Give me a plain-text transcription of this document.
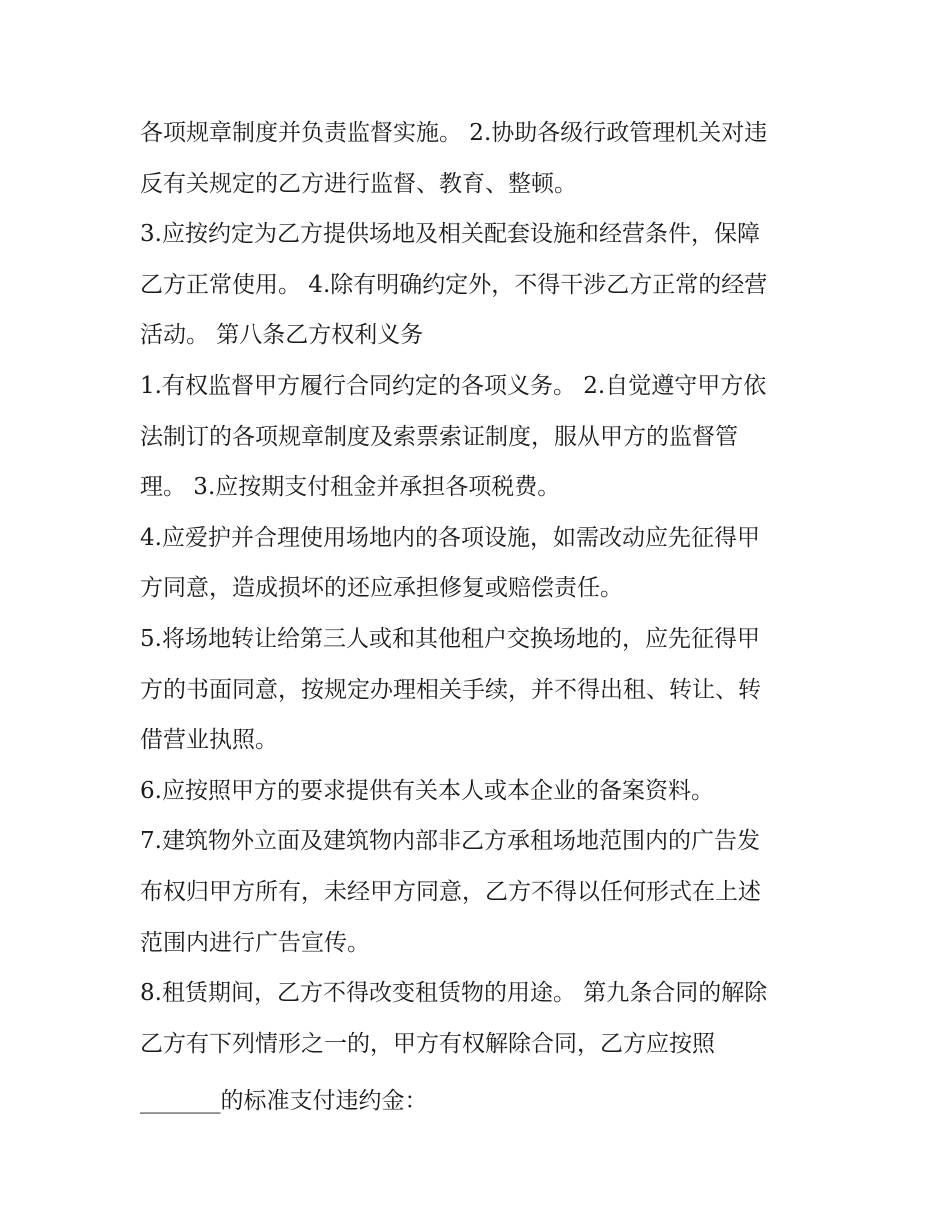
各项规章制度并负责监督实施。 2.协助各级行政管理机关对违
反有关规定的乙方进行监督、教育、整顿。
3.应按约定为乙方提供场地及相关配套设施和经营条件，保障
乙方正常使用。 4.除有明确约定外，不得干涉乙方正常的经营
活动。 第八条乙方权利义务
1.有权监督甲方履行合同约定的各项义务。 2.自觉遵守甲方依
法制订的各项规章制度及索票索证制度，服从甲方的监督管
理。 3.应按期支付租金并承担各项税费。
4.应爱护并合理使用场地内的各项设施，如需改动应先征得甲
方同意，造成损坏的还应承担修复或赔偿责任。
5.将场地转让给第三人或和其他租户交换场地的，应先征得甲
方的书面同意，按规定办理相关手续，并不得出租、转让、转
借营业执照。
6.应按照甲方的要求提供有关本人或本企业的备案资料。
7.建筑物外立面及建筑物内部非乙方承租场地范围内的广告发
布权归甲方所有，未经甲方同意，乙方不得以任何形式在上述
范围内进行广告宣传。
8.租赁期间，乙方不得改变租赁物的用途。 第九条合同的解除
乙方有下列情形之一的，甲方有权解除合同，乙方应按照
_______的标准支付违约金：
